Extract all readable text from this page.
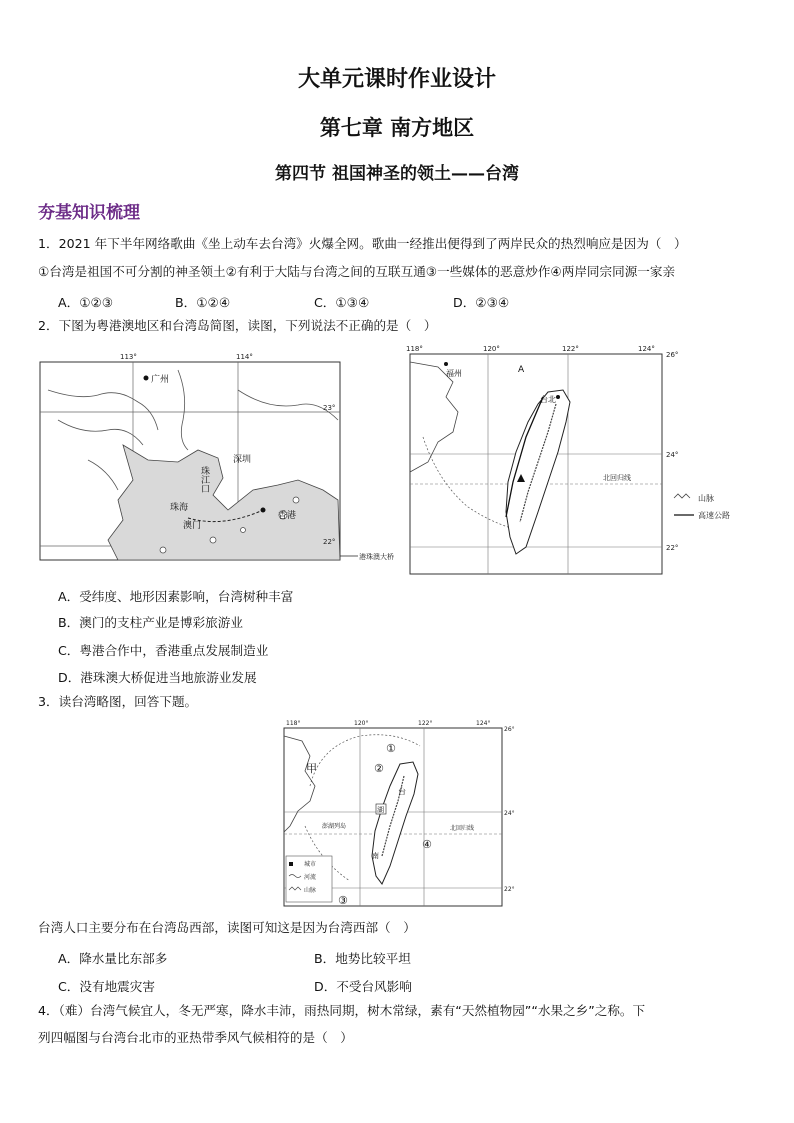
大单元课时作业设计
第七章 南方地区
第四节 祖国神圣的领土——台湾
夯基知识梳理
1．2021 年下半年网络歌曲《坐上动车去台湾》火爆全网。歌曲一经推出便得到了两岸民众的热烈响应是因为（　）
①台湾是祖国不可分割的神圣领土②有利于大陆与台湾之间的互联互通③一些媒体的恶意炒作④两岸同宗同源一家亲
A．①②③	B．①②④	C．①③④	D．②③④
2．下图为粤港澳地区和台湾岛简图，读图，下列说法不正确的是（　）
113°	114°
23°
22°
广州
深圳
珠江口
珠海
澳门
香港
港珠澳大桥
山脉
高速公路
118°	120°	122°	124°
26°
24°
22°
福州	A
台北
北回归线
A．受纬度、地形因素影响，台湾树种丰富
B．澳门的支柱产业是博彩旅游业
C．粤港合作中，香港重点发展制造业
D．港珠澳大桥促进当地旅游业发展
3．读台湾略图，回答下题。
城市
河流
山脉
118°	120°	122°	124°
26°
24°
22°
甲
①
②
③
④
台
湖
南
澎湖列岛	北回归线
台湾人口主要分布在台湾岛西部，读图可知这是因为台湾西部（　）
A．降水量比东部多	B．地势比较平坦
C．没有地震灾害	D．不受台风影响
4．（难）台湾气候宜人，冬无严寒，降水丰沛，雨热同期，树木常绿，素有“天然植物园”“水果之乡”之称。下
列四幅图与台湾台北市的亚热带季风气候相符的是（　）
